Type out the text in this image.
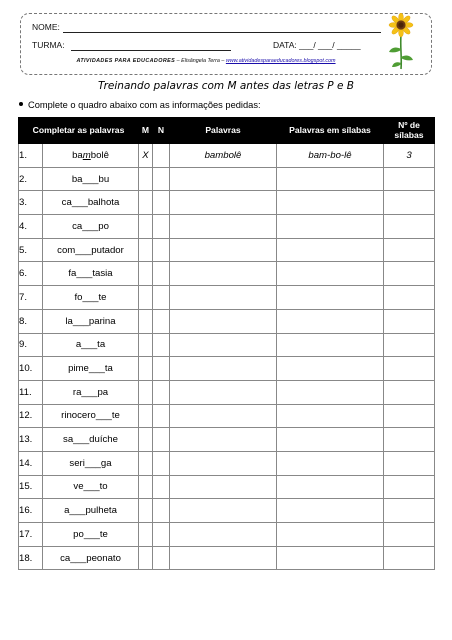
NOME:
TURMA:	DATA: ___/ ___/ _____
ATIVIDADES PARA EDUCADORES – Elisângela Terra – www.atividadesparaeducadores.blogspot.com
Treinando palavras com M antes das letras P e B
Complete o quadro abaixo com as informações pedidas:
Completar as palavras		M	N	Palavras	Palavras em sílabas	Nº de sílabas
1.	bambolê	X		bambolê	bam-bo-lê	3
2.	ba___bu					
3.	ca___balhota					
4.	ca___po					
5.	com___putador					
6.	fa___tasia					
7.	fo___te					
8.	la___parina					
9.	a___ta					
10.	pime___ta					
11.	ra___pa					
12.	rinocero___te					
13.	sa___duíche					
14.	seri___ga					
15.	ve___to					
16.	a___pulheta					
17.	po___te					
18.	ca___peonato					
